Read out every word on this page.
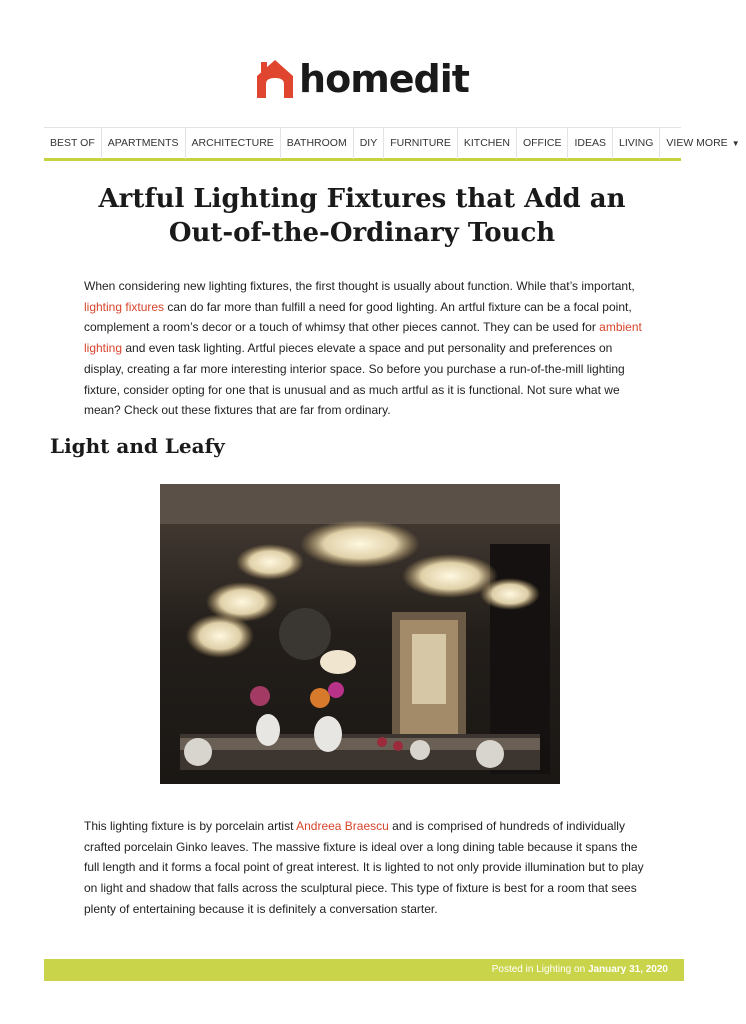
homedit
BEST OF	APARTMENTS	ARCHITECTURE	BATHROOM	DIY	FURNITURE	KITCHEN	OFFICE	IDEAS	LIVING	VIEW MORE ▼
Artful Lighting Fixtures that Add an
Out-of-the-Ordinary Touch

When considering new lighting fixtures, the first thought is usually about function. While that’s important, lighting fixtures can do far more than fulfill a need for good lighting. An artful fixture can be a focal point, complement a room’s decor or a touch of whimsy that other pieces cannot. They can be used for ambient lighting and even task lighting. Artful pieces elevate a space and put personality and preferences on display, creating a far more interesting interior space. So before you purchase a run-of-the-mill lighting fixture, consider opting for one that is unusual and as much artful as it is functional. Not sure what we mean? Check out these fixtures that are far from ordinary.

Light and Leafy

This lighting fixture is by porcelain artist Andreea Braescu and is comprised of hundreds of individually crafted porcelain Ginko leaves. The massive fixture is ideal over a long dining table because it spans the full length and it forms a focal point of great interest. It is lighted to not only provide illumination but to play on light and shadow that falls across the sculptural piece. This type of fixture is best for a room that sees plenty of entertaining because it is definitely a conversation starter.

Posted in Lighting on January 31, 2020
